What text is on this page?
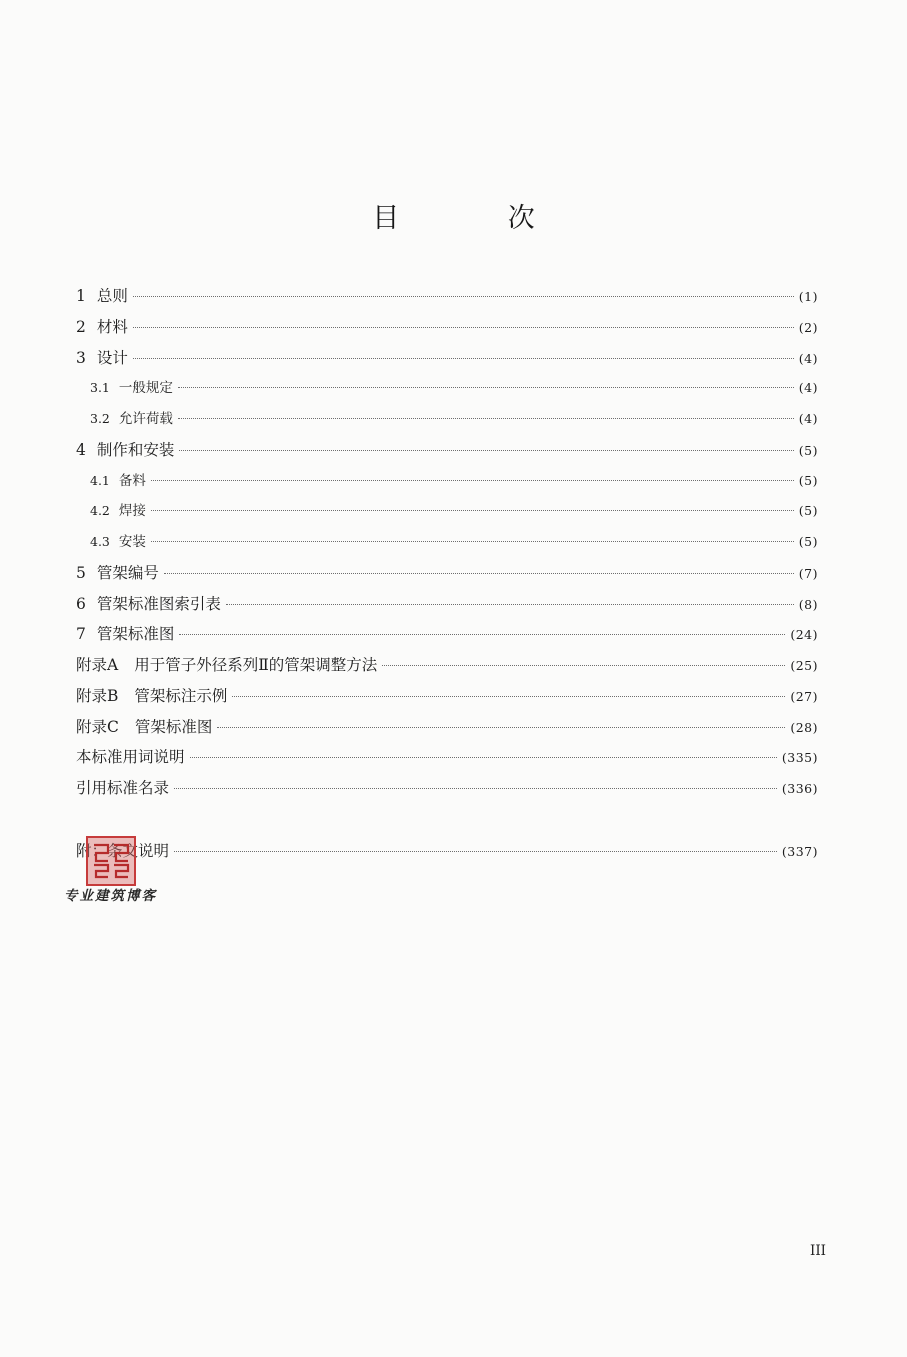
目 次
1 总则	(1)
2 材料	(2)
3 设计	(4)
3.1 一般规定	(4)
3.2 允许荷载	(4)
4 制作和安装	(5)
4.1 备料	(5)
4.2 焊接	(5)
4.3 安装	(5)
5 管架编号	(7)
6 管架标准图索引表	(8)
7 管架标准图	(24)
附录A 用于管子外径系列Ⅱ的管架调整方法	(25)
附录B 管架标注示例	(27)
附录C 管架标准图	(28)
本标准用词说明	(335)
引用标准名录	(336)
附：条文说明	(337)
专业建筑博客
III
